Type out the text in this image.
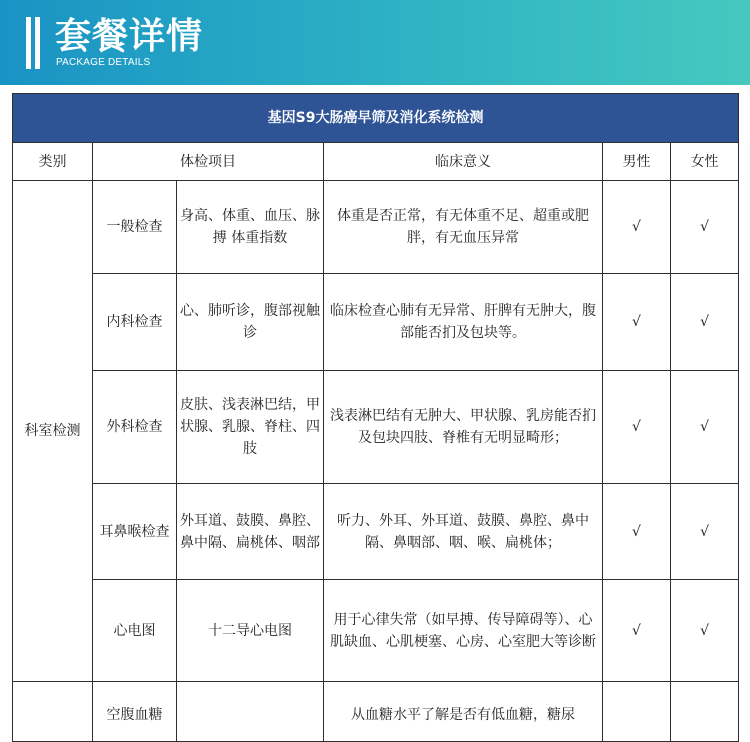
套餐详情
PACKAGE DETAILS
基因S9大肠癌早筛及消化系统检测					
类别	体检项目		临床意义	男性	女性
科室检测	一般检查	身高、体重、血压、脉搏 体重指数	体重是否正常，有无体重不足、超重或肥胖，有无血压异常	√	√
	内科检查	心、肺听诊，腹部视触诊	临床检查心肺有无异常、肝脾有无肿大，腹部能否扪及包块等。	√	√
	外科检查	皮肤、浅表淋巴结，甲状腺、乳腺、脊柱、四肢	浅表淋巴结有无肿大、甲状腺、乳房能否扪及包块四肢、脊椎有无明显畸形；	√	√
	耳鼻喉检查	外耳道、鼓膜、鼻腔、鼻中隔、扁桃体、咽部	听力、外耳、外耳道、鼓膜、鼻腔、鼻中隔、鼻咽部、咽、喉、扁桃体；	√	√
	心电图	十二导心电图	用于心律失常（如早搏、传导障碍等）、心肌缺血、心肌梗塞、心房、心室肥大等诊断	√	√
	空腹血糖		从血糖水平了解是否有低血糖，糖尿		
